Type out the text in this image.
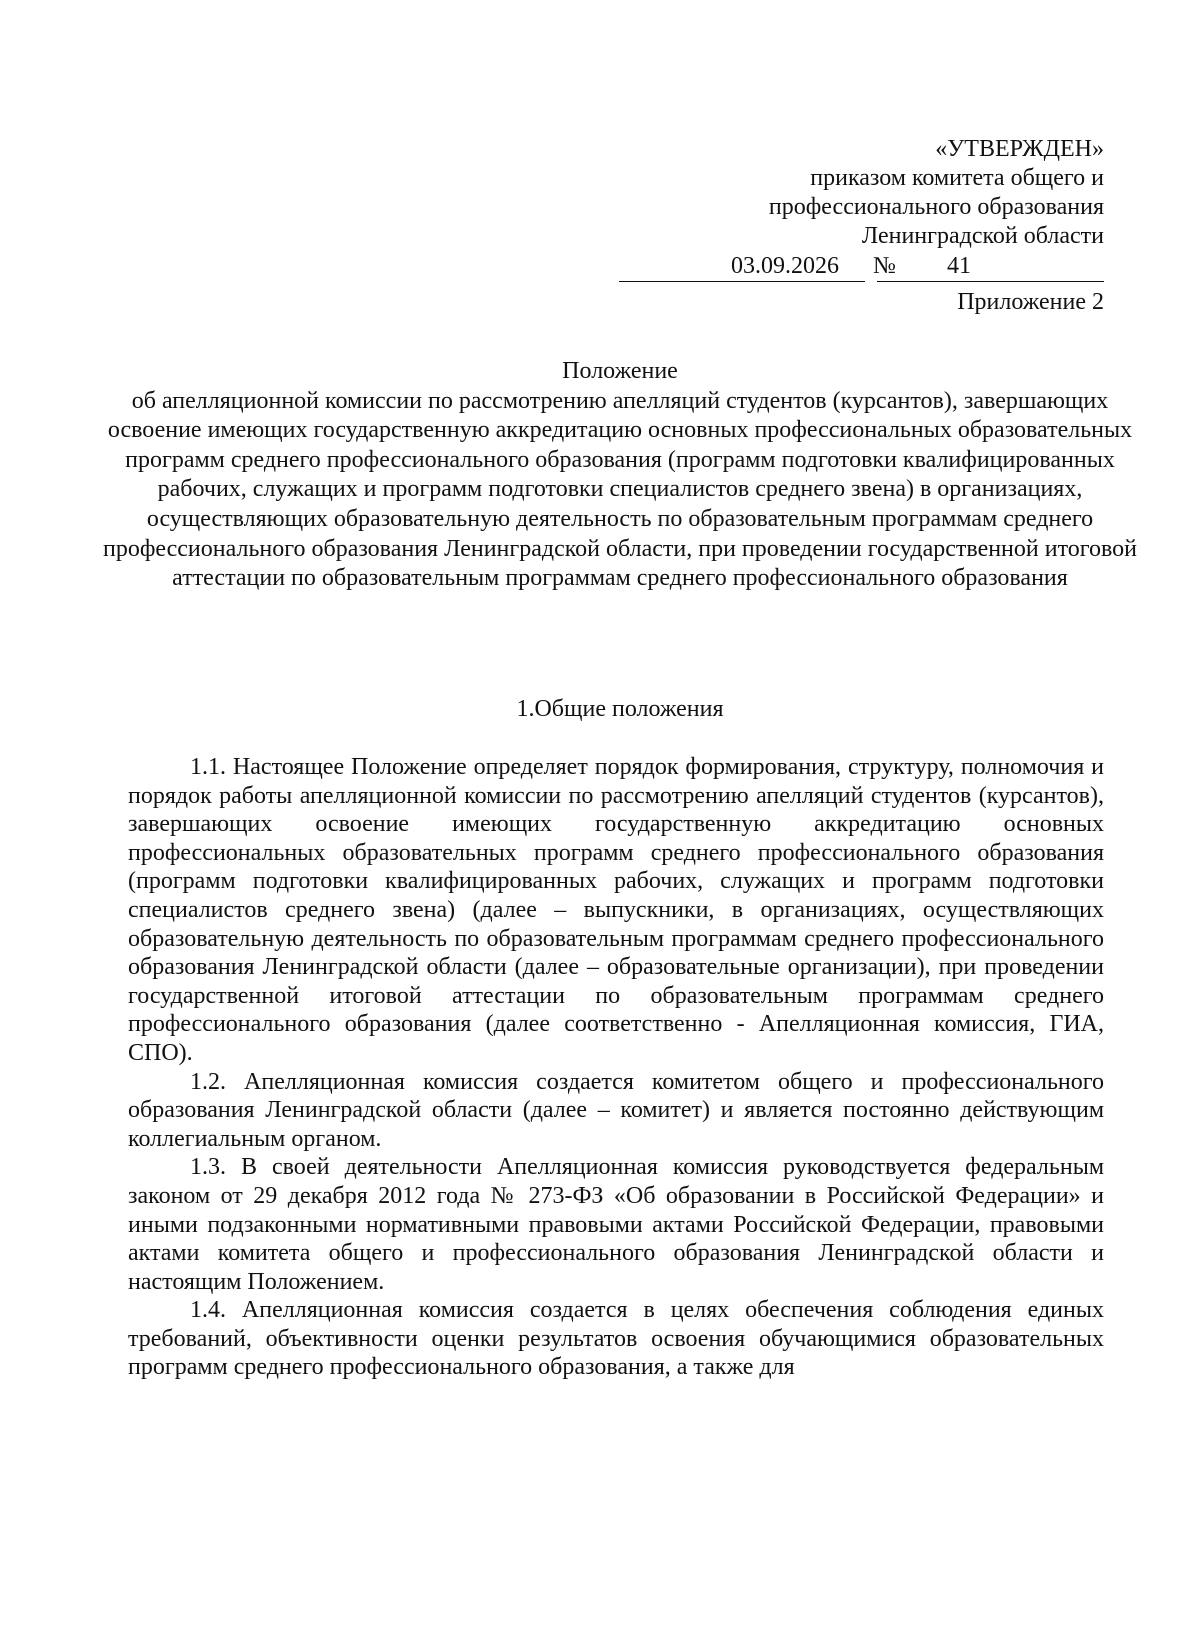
«УТВЕРЖДЕН»
приказом комитета общего и
профессионального образования
Ленинградской области
03.09.2026 № 41
Приложение 2
Положение
об апелляционной комиссии по рассмотрению апелляций студентов (курсантов), завершающих освоение имеющих государственную аккредитацию основных профессиональных образовательных программ среднего профессионального образования (программ подготовки квалифицированных рабочих, служащих и программ подготовки специалистов среднего звена) в организациях, осуществляющих образовательную деятельность по образовательным программам среднего профессионального образования Ленинградской области, при проведении государственной итоговой аттестации по образовательным программам среднего профессионального образования
1.Общие положения

1.1. Настоящее Положение определяет порядок формирования, структуру, полномочия и порядок работы апелляционной комиссии по рассмотрению апелляций студентов (курсантов), завершающих освоение имеющих государственную аккредитацию основных профессиональных образовательных программ среднего профессионального образования (программ подготовки квалифицированных рабочих, служащих и программ подготовки специалистов среднего звена) (далее – выпускники, в организациях, осуществляющих образовательную деятельность по образовательным программам среднего профессионального образования Ленинградской области (далее – образовательные организации), при проведении государственной итоговой аттестации по образовательным программам среднего профессионального образования (далее соответственно - Апелляционная комиссия, ГИА, СПО).

1.2. Апелляционная комиссия создается комитетом общего и профессионального образования Ленинградской области (далее – комитет) и является постоянно действующим коллегиальным органом.

1.3. В своей деятельности Апелляционная комиссия руководствуется федеральным законом от 29 декабря 2012 года № 273-ФЗ «Об образовании в Российской Федерации» и иными подзаконными нормативными правовыми актами Российской Федерации, правовыми актами комитета общего и профессионального образования Ленинградской области и настоящим Положением.

1.4. Апелляционная комиссия создается в целях обеспечения соблюдения единых требований, объективности оценки результатов освоения обучающимися образовательных программ среднего профессионального образования, а также для
